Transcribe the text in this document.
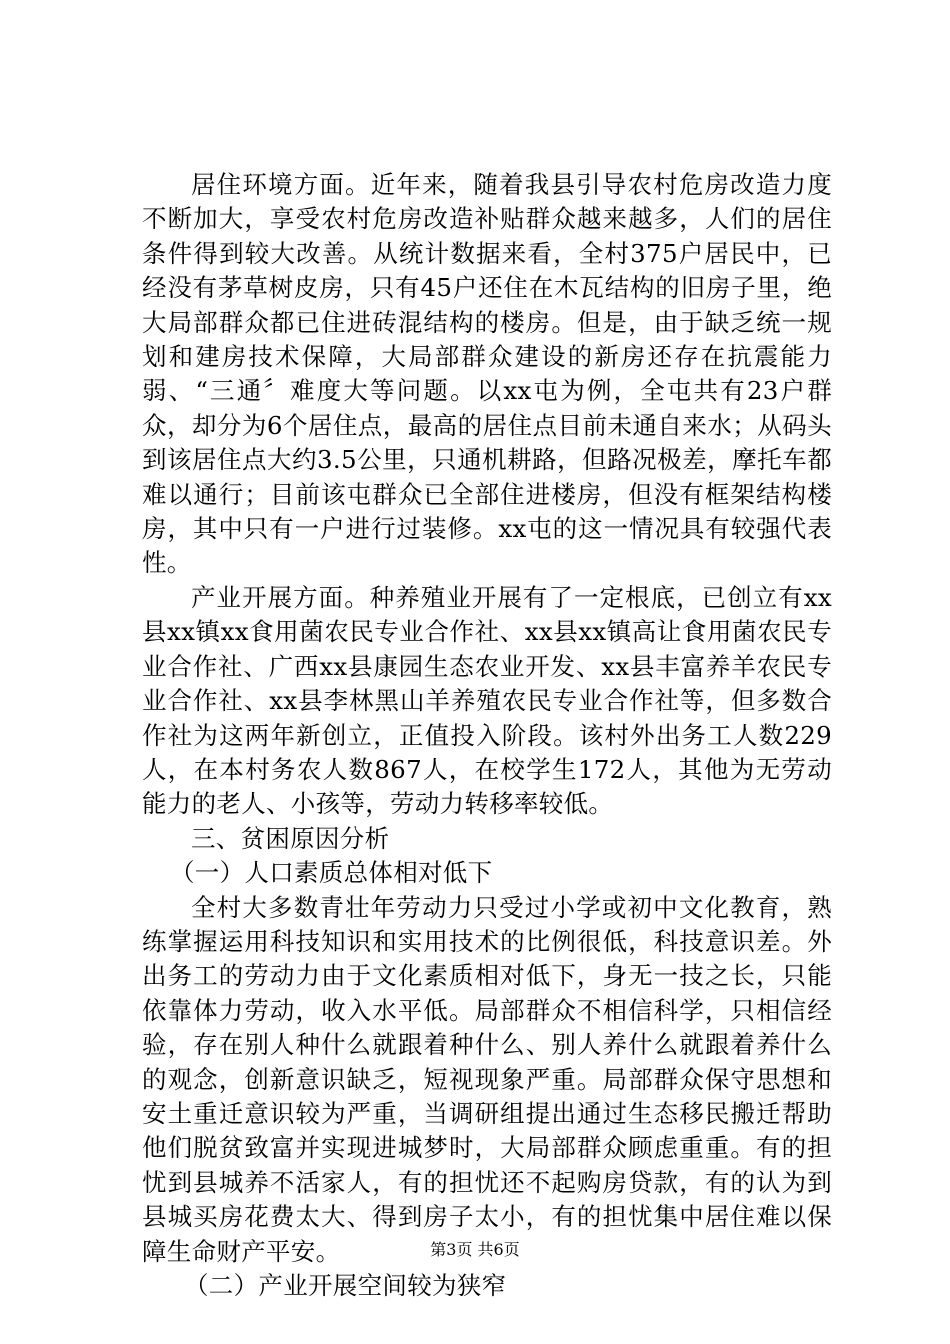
居住环境方面。近年来，随着我县引导农村危房改造力度不断加大，享受农村危房改造补贴群众越来越多，人们的居住条件得到较大改善。从统计数据来看，全村375户居民中，已经没有茅草树皮房，只有45户还住在木瓦结构的旧房子里，绝大局部群众都已住进砖混结构的楼房。但是，由于缺乏统一规划和建房技术保障，大局部群众建设的新房还存在抗震能力弱、“三通〞难度大等问题。以xx屯为例，全屯共有23户群众，却分为6个居住点，最高的居住点目前未通自来水；从码头到该居住点大约3.5公里，只通机耕路，但路况极差，摩托车都难以通行；目前该屯群众已全部住进楼房，但没有框架结构楼房，其中只有一户进行过装修。xx屯的这一情况具有较强代表性。

产业开展方面。种养殖业开展有了一定根底，已创立有xx县xx镇xx食用菌农民专业合作社、xx县xx镇高让食用菌农民专业合作社、广西xx县康园生态农业开发、xx县丰富养羊农民专业合作社、xx县李林黑山羊养殖农民专业合作社等，但多数合作社为这两年新创立，正值投入阶段。该村外出务工人数229人，在本村务农人数867人，在校学生172人，其他为无劳动能力的老人、小孩等，劳动力转移率较低。

三、贫困原因分析

（一）人口素质总体相对低下

全村大多数青壮年劳动力只受过小学或初中文化教育，熟练掌握运用科技知识和实用技术的比例很低，科技意识差。外出务工的劳动力由于文化素质相对低下，身无一技之长，只能依靠体力劳动，收入水平低。局部群众不相信科学，只相信经验，存在别人种什么就跟着种什么、别人养什么就跟着养什么的观念，创新意识缺乏，短视现象严重。局部群众保守思想和安土重迁意识较为严重，当调研组提出通过生态移民搬迁帮助他们脱贫致富并实现进城梦时，大局部群众顾虑重重。有的担忧到县城养不活家人，有的担忧还不起购房贷款，有的认为到县城买房花费太大、得到房子太小，有的担忧集中居住难以保障生命财产平安。

（二）产业开展空间较为狭窄

第3页 共6页
